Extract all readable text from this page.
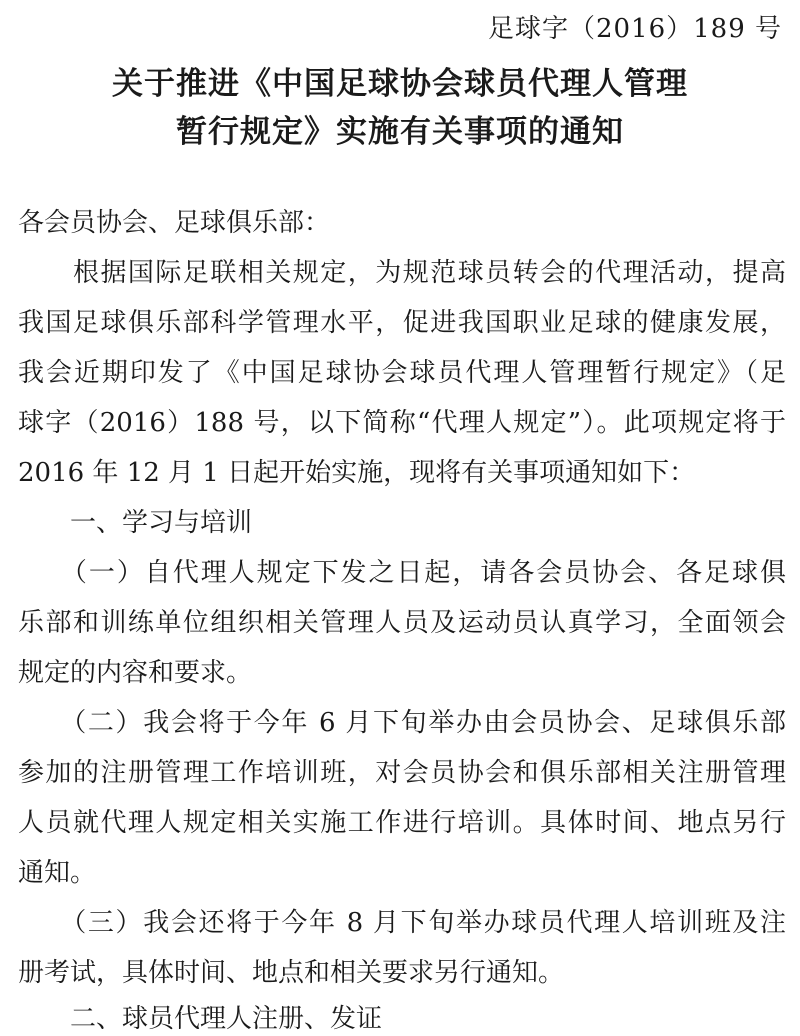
足球字（2016）189 号
关于推进《中国足球协会球员代理人管理
暂行规定》实施有关事项的通知
各会员协会、足球俱乐部：
　　根据国际足联相关规定，为规范球员转会的代理活动，提高
我国足球俱乐部科学管理水平，促进我国职业足球的健康发展，
我会近期印发了《中国足球协会球员代理人管理暂行规定》（足
球字（2016）188 号，以下简称“代理人规定”）。此项规定将于
2016 年 12 月 1 日起开始实施，现将有关事项通知如下：
　　一、学习与培训
　　（一）自代理人规定下发之日起，请各会员协会、各足球俱
乐部和训练单位组织相关管理人员及运动员认真学习，全面领会
规定的内容和要求。
　　（二）我会将于今年 6 月下旬举办由会员协会、足球俱乐部
参加的注册管理工作培训班，对会员协会和俱乐部相关注册管理
人员就代理人规定相关实施工作进行培训。具体时间、地点另行
通知。
　　（三）我会还将于今年 8 月下旬举办球员代理人培训班及注
册考试，具体时间、地点和相关要求另行通知。
　　二、球员代理人注册、发证
